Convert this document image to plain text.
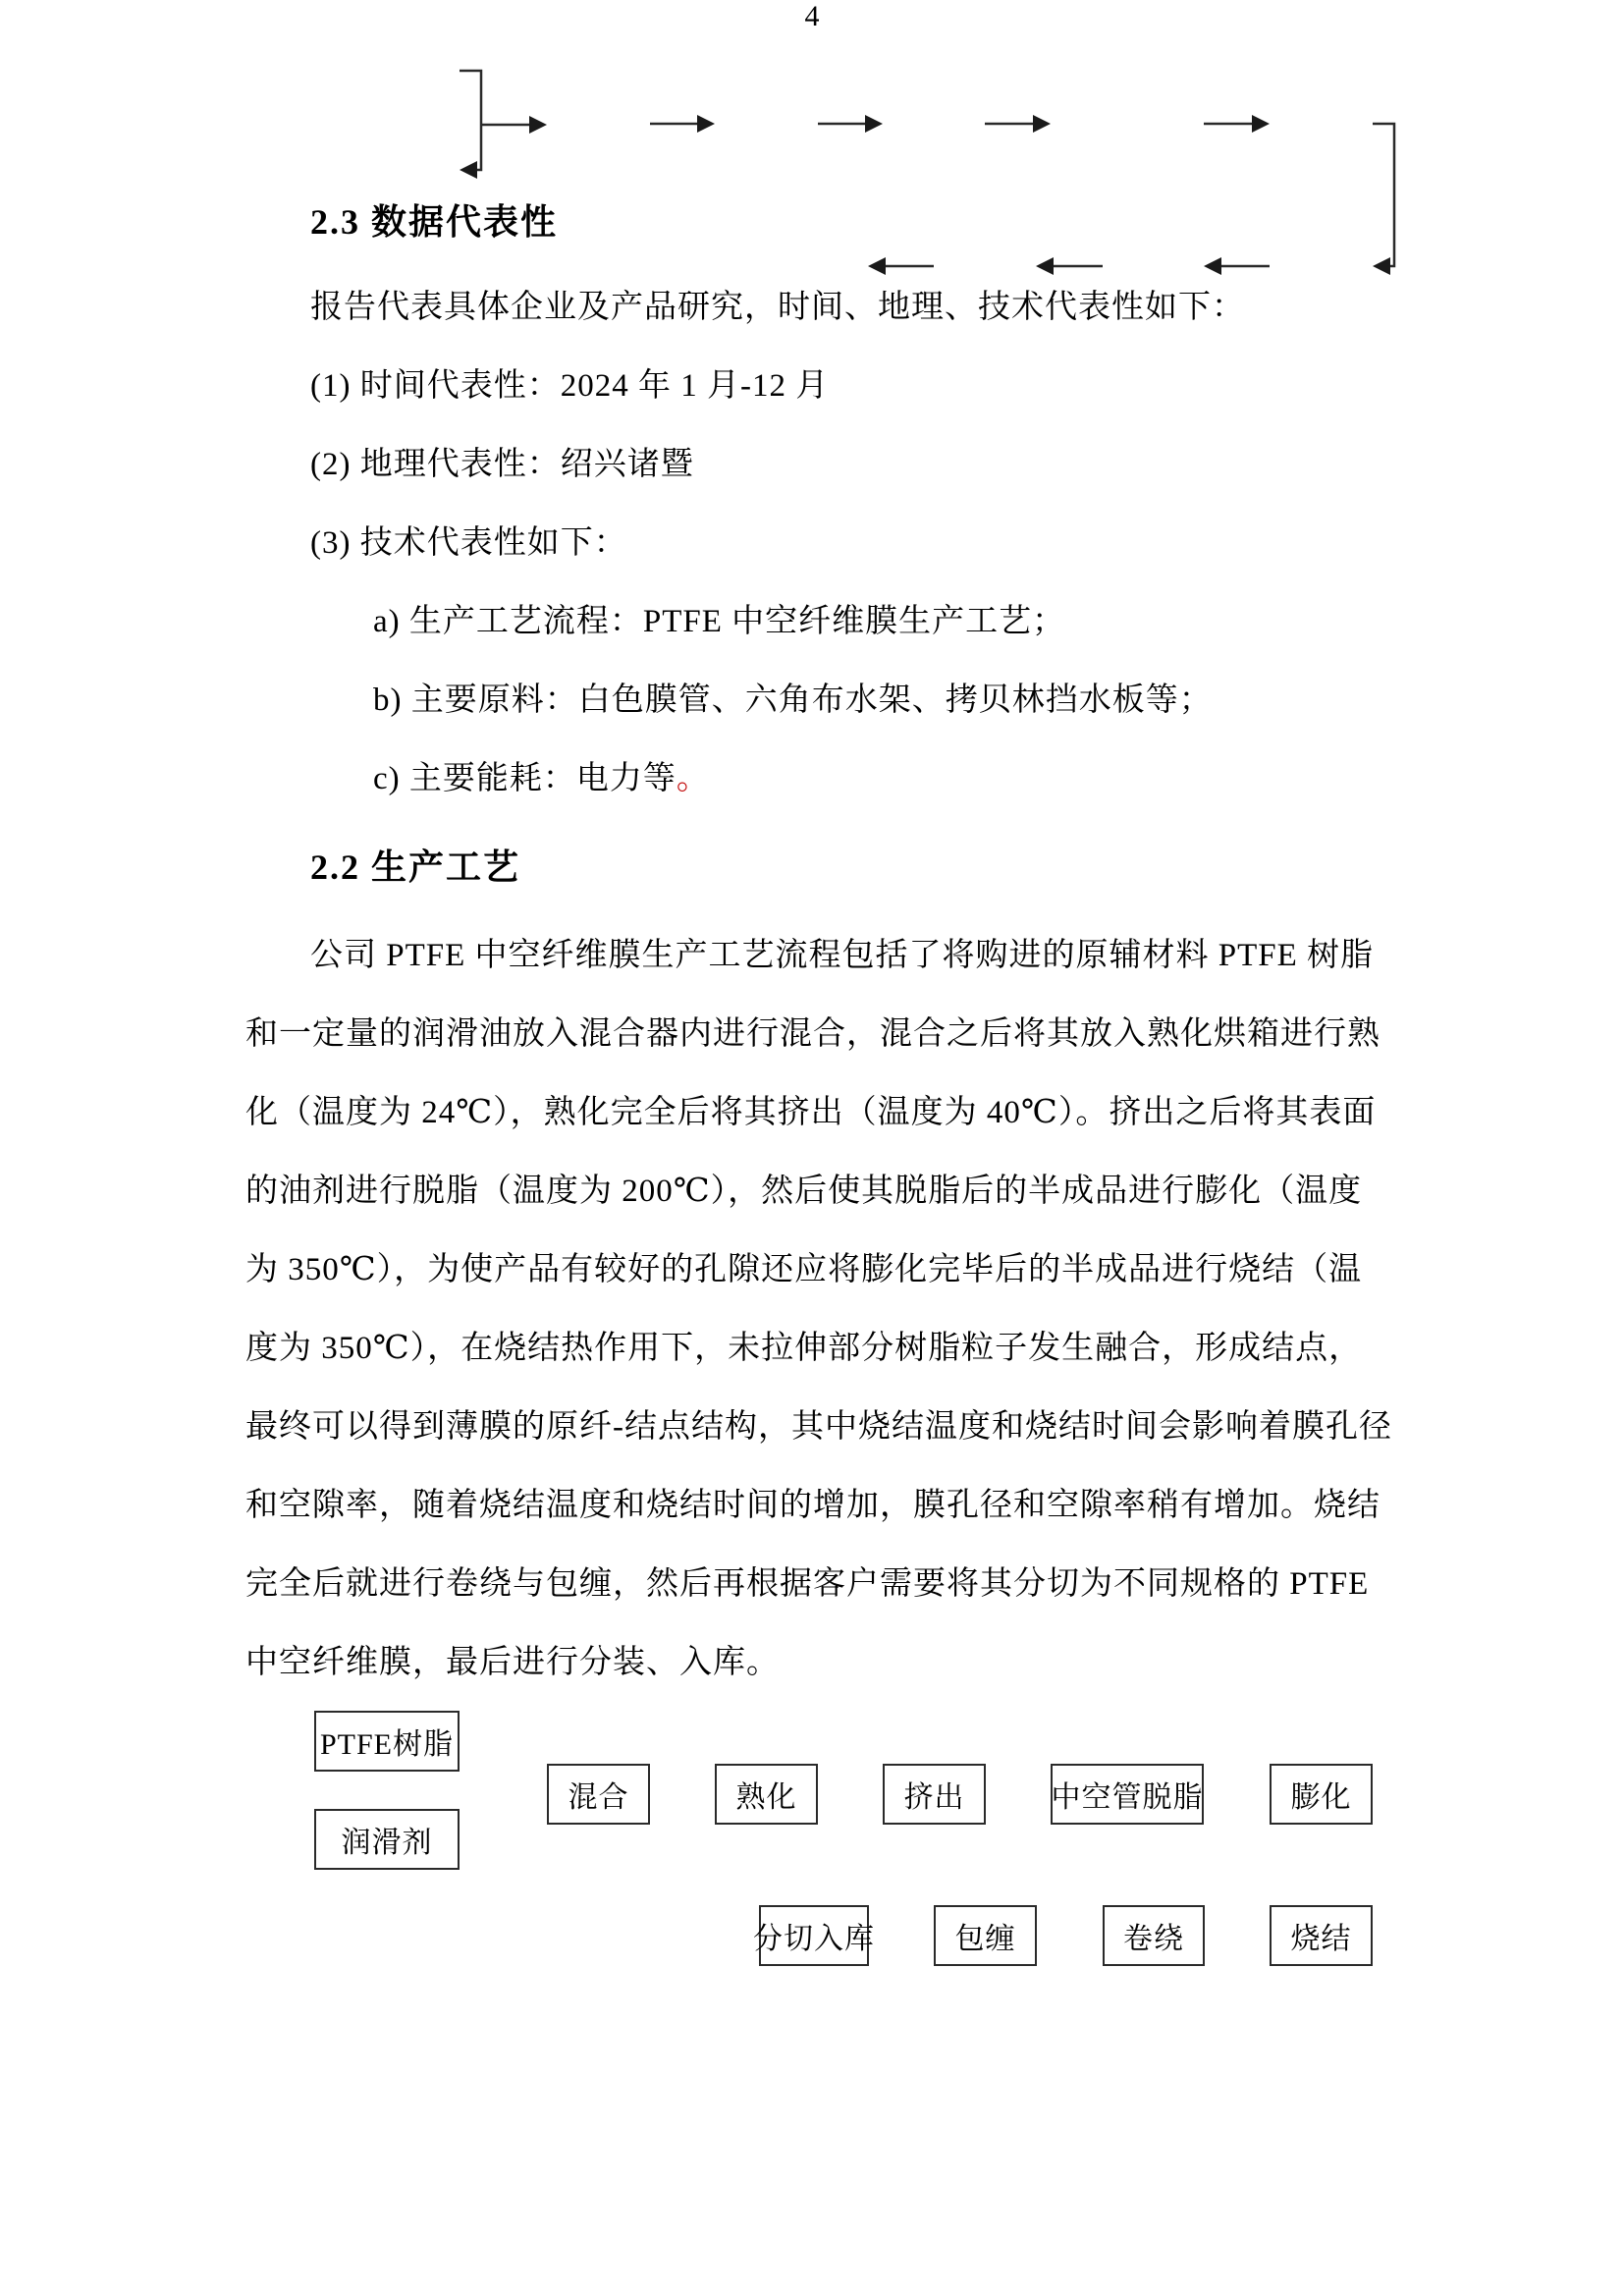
2.3 数据代表性
报告代表具体企业及产品研究，时间、地理、技术代表性如下：
(1) 时间代表性：2024 年 1 月-12 月
(2) 地理代表性：绍兴诸暨
(3) 技术代表性如下：
a) 生产工艺流程：PTFE 中空纤维膜生产工艺；
b) 主要原料：白色膜管、六角布水架、拷贝林挡水板等；
c) 主要能耗：电力等。
2.2 生产工艺
公司 PTFE 中空纤维膜生产工艺流程包括了将购进的原辅材料 PTFE 树脂
和一定量的润滑油放入混合器内进行混合，混合之后将其放入熟化烘箱进行熟
化（温度为 24℃），熟化完全后将其挤出（温度为 40℃）。挤出之后将其表面
的油剂进行脱脂（温度为 200℃），然后使其脱脂后的半成品进行膨化（温度
为 350℃），为使产品有较好的孔隙还应将膨化完毕后的半成品进行烧结（温
度为 350℃），在烧结热作用下，未拉伸部分树脂粒子发生融合，形成结点，
最终可以得到薄膜的原纤-结点结构，其中烧结温度和烧结时间会影响着膜孔径
和空隙率，随着烧结温度和烧结时间的增加，膜孔径和空隙率稍有增加。烧结
完全后就进行卷绕与包缠，然后再根据客户需要将其分切为不同规格的 PTFE
中空纤维膜，最后进行分装、入库。
PTFE树脂
润滑剂
混合	熟化	挤出	中空管脱脂	膨化
分切入库	包缠	卷绕	烧结
4
